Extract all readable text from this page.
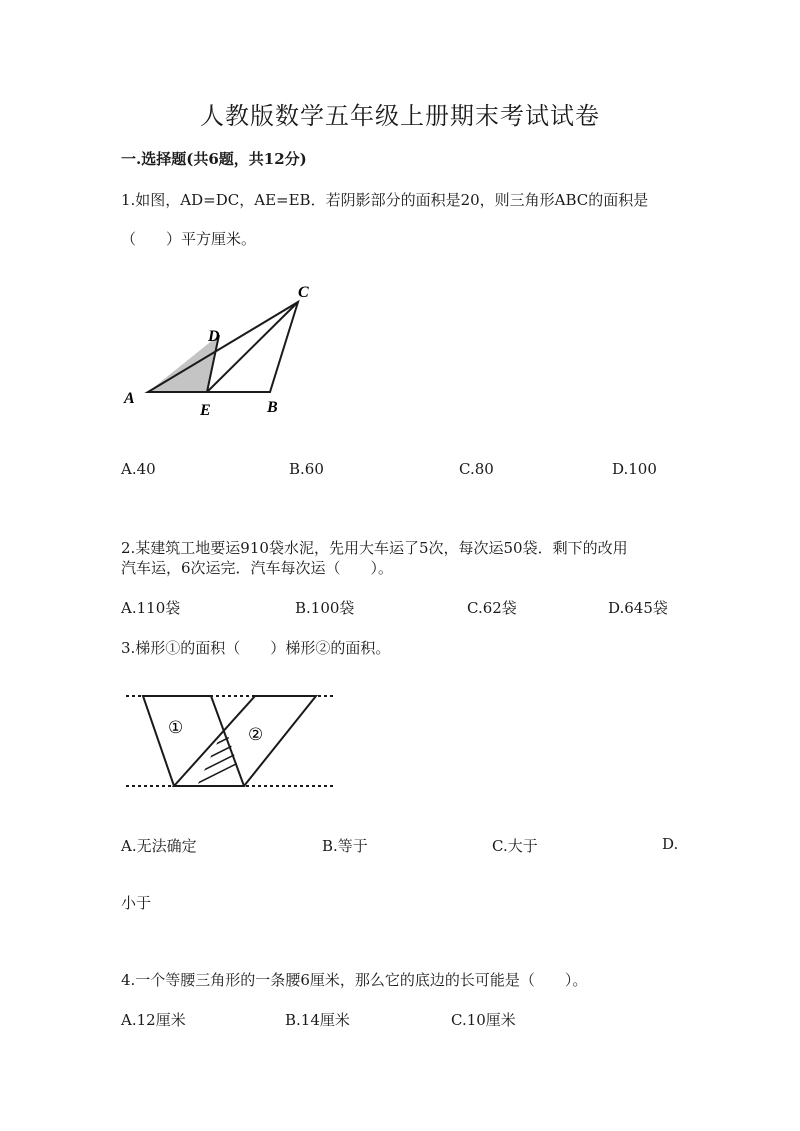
人教版数学五年级上册期末考试试卷
一.选择题(共6题，共12分)
1.如图，AD=DC，AE=EB．若阴影部分的面积是20，则三角形ABC的面积是
（　　）平方厘米。
A
B
C
D
E
A.40	B.60	C.80	D.100
2.某建筑工地要运910袋水泥，先用大车运了5次，每次运50袋．剩下的改用
汽车运，6次运完．汽车每次运（　　）。
A.110袋	B.100袋	C.62袋	D.645袋
3.梯形①的面积（　　）梯形②的面积。
①	②
A.无法确定	B.等于	C.大于	D.
小于
4.一个等腰三角形的一条腰6厘米，那么它的底边的长可能是（　　）。
A.12厘米	B.14厘米	C.10厘米
